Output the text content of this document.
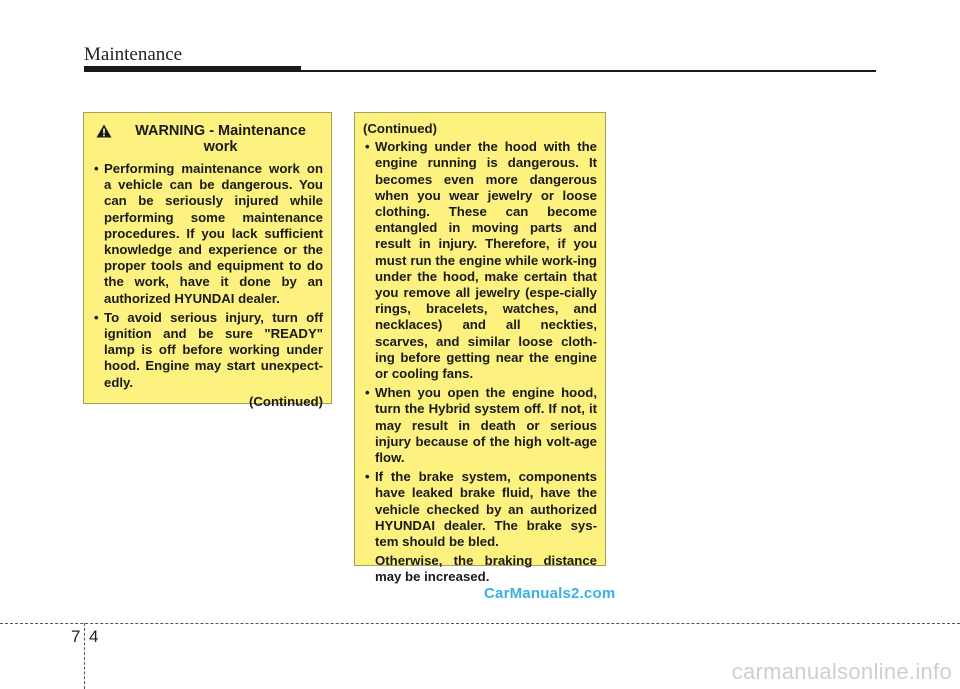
Maintenance
WARNING - Maintenance work
• Performing maintenance work on a vehicle can be dangerous. You can be seriously injured while performing some maintenance procedures. If you lack sufficient knowledge and experience or the proper tools and equipment to do the work, have it done by an authorized HYUNDAI dealer.
• To avoid serious injury, turn off ignition and be sure "READY" lamp is off before working under hood. Engine may start unexpect-edly.
(Continued)
(Continued)
• Working under the hood with the engine running is dangerous. It becomes even more dangerous when you wear jewelry or loose clothing. These can become entangled in moving parts and result in injury. Therefore, if you must run the engine while work-ing under the hood, make certain that you remove all jewelry (espe-cially rings, bracelets, watches, and necklaces) and all neckties, scarves, and similar loose cloth-ing before getting near the engine or cooling fans.
• When you open the engine hood, turn the Hybrid system off. If not, it may result in death or serious injury because of the high volt-age flow.
• If the brake system, components have leaked brake fluid, have the vehicle checked by an authorized HYUNDAI dealer. The brake sys-tem should be bled.
Otherwise, the braking distance may be increased.
CarManuals2.com
7 4
carmanualsonline.info
